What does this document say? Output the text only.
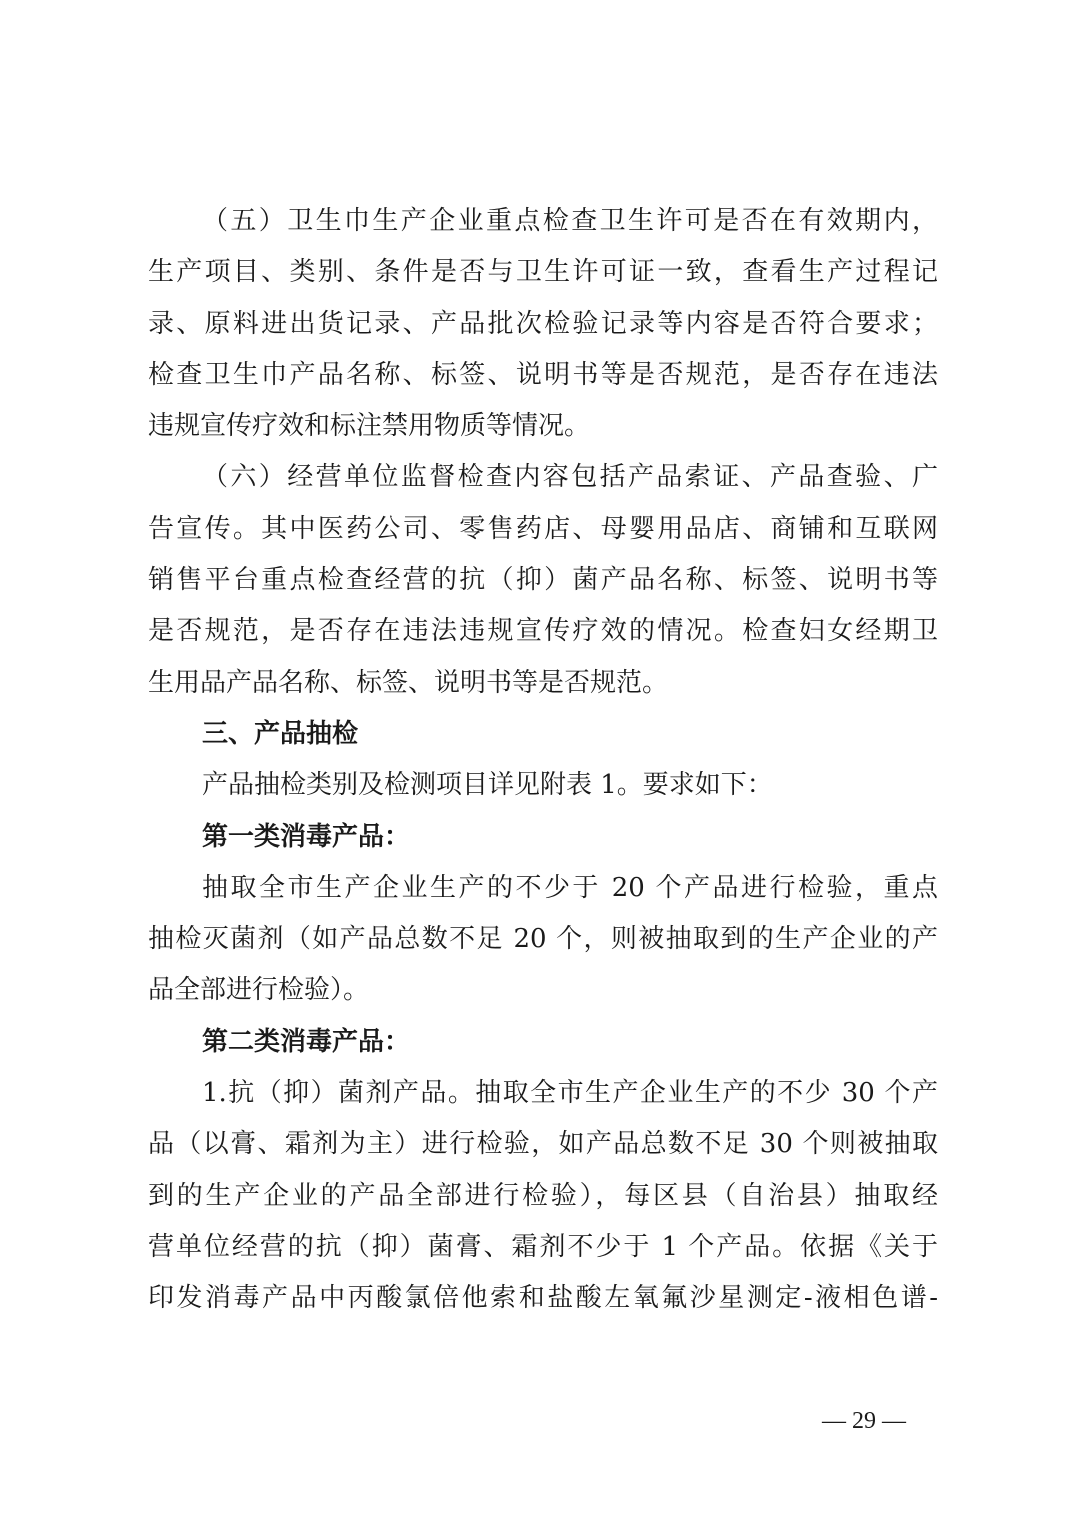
（五）卫生巾生产企业重点检查卫生许可是否在有效期内，
生产项目、类别、条件是否与卫生许可证一致，查看生产过程记
录、原料进出货记录、产品批次检验记录等内容是否符合要求；
检查卫生巾产品名称、标签、说明书等是否规范，是否存在违法
违规宣传疗效和标注禁用物质等情况。
（六）经营单位监督检查内容包括产品索证、产品查验、广
告宣传。其中医药公司、零售药店、母婴用品店、商铺和互联网
销售平台重点检查经营的抗（抑）菌产品名称、标签、说明书等
是否规范，是否存在违法违规宣传疗效的情况。检查妇女经期卫
生用品产品名称、标签、说明书等是否规范。
三、产品抽检
产品抽检类别及检测项目详见附表 1。要求如下：
第一类消毒产品：
抽取全市生产企业生产的不少于 20 个产品进行检验，重点
抽检灭菌剂（如产品总数不足 20 个，则被抽取到的生产企业的产
品全部进行检验）。
第二类消毒产品：
1.抗（抑）菌剂产品。抽取全市生产企业生产的不少 30 个产
品（以膏、霜剂为主）进行检验，如产品总数不足 30 个则被抽取
到的生产企业的产品全部进行检验），每区县（自治县）抽取经
营单位经营的抗（抑）菌膏、霜剂不少于 1 个产品。依据《关于
印发消毒产品中丙酸氯倍他索和盐酸左氧氟沙星测定-液相色谱-
— 29 —
